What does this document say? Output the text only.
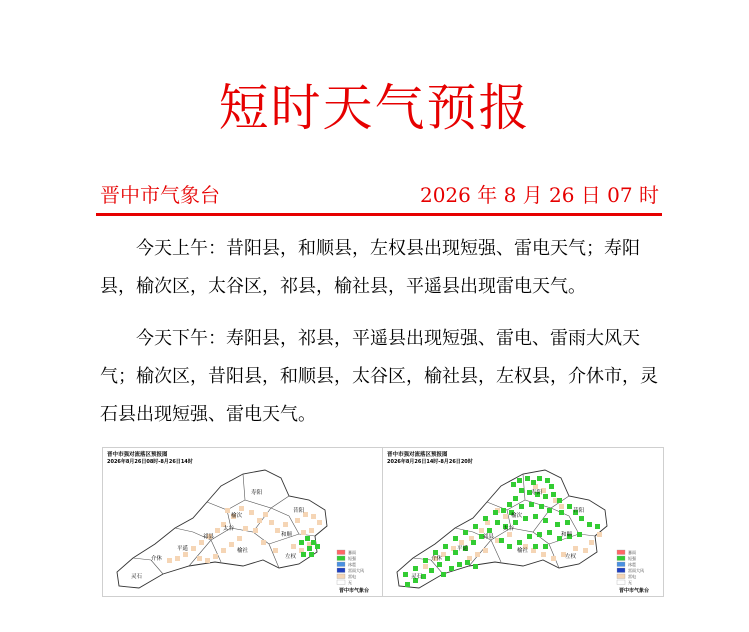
短时天气预报
晋中市气象台	2026 年 8 月 26 日 07 时

今天上午：昔阳县，和顺县，左权县出现短强、雷电天气；寿阳县，榆次区，太谷区，祁县，榆社县，平遥县出现雷电天气。

今天下午：寿阳县，祁县，平遥县出现短强、雷电、雷雨大风天气；榆次区，昔阳县，和顺县，太谷区，榆社县，左权县，介休市，灵石县出现短强、雷电天气。

晋中市强对流落区预报图
2026年8月26日08时-8月26日14时
寿阳
榆次
昔阳
太谷
祁县	和顺
平遥	榆社
介休	左权
灵石
暴雨
短强
冰雹
雷雨大风
雷电
无
晋中市气象台
晋中市强对流落区预报图
2026年8月26日14时-8月26日20时
寿阳
榆次
昔阳
太谷
祁县	和顺
平遥	榆社
介休	左权
灵石
暴雨
短强
冰雹
雷雨大风
雷电
无
晋中市气象台
